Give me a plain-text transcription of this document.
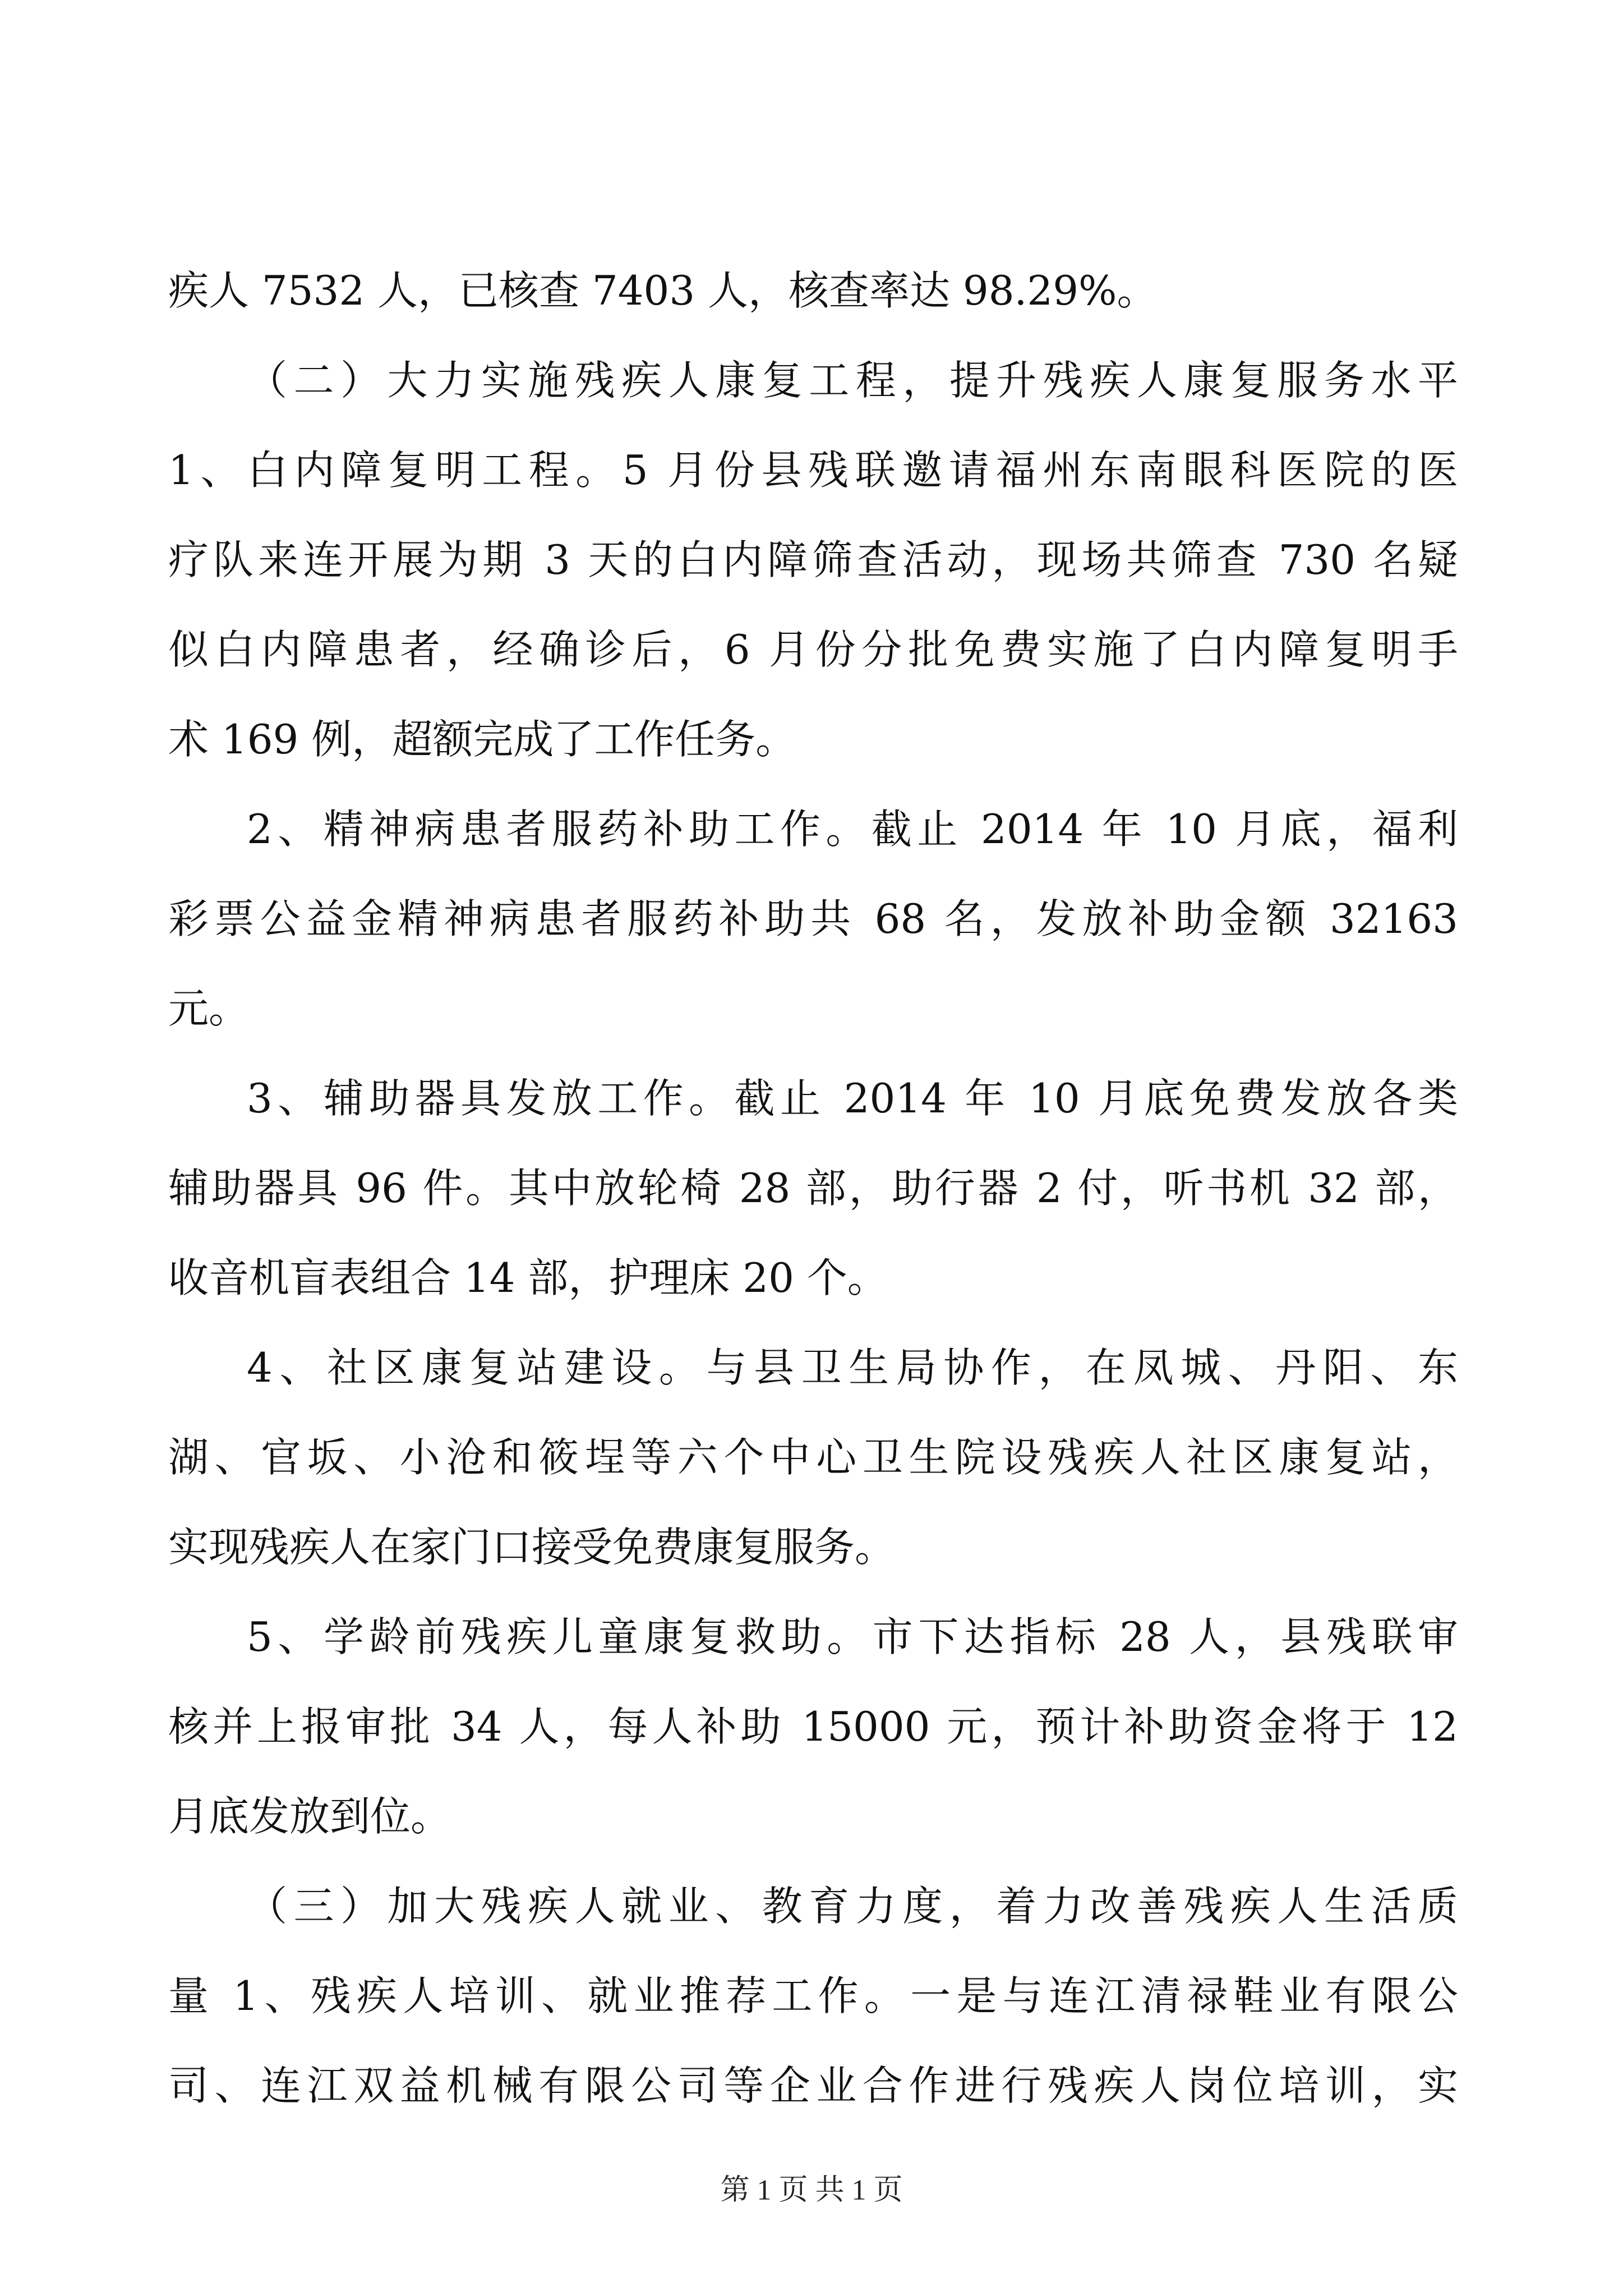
疾人 7532 人，已核查 7403 人，核查率达 98.29%。
（二）大力实施残疾人康复工程，提升残疾人康复服务水平
1、白内障复明工程。5 月份县残联邀请福州东南眼科医院的医
疗队来连开展为期 3 天的白内障筛查活动，现场共筛查 730 名疑
似白内障患者，经确诊后，6 月份分批免费实施了白内障复明手
术 169 例，超额完成了工作任务。
2、精神病患者服药补助工作。截止 2014 年 10 月底，福利
彩票公益金精神病患者服药补助共 68 名，发放补助金额 32163
元。
3、辅助器具发放工作。截止 2014 年 10 月底免费发放各类
辅助器具 96 件。其中放轮椅 28 部，助行器 2 付，听书机 32 部，
收音机盲表组合 14 部，护理床 20 个。
4、社区康复站建设。与县卫生局协作，在凤城、丹阳、东
湖、官坂、小沧和筱埕等六个中心卫生院设残疾人社区康复站，
实现残疾人在家门口接受免费康复服务。
5、学龄前残疾儿童康复救助。市下达指标 28 人，县残联审
核并上报审批 34 人，每人补助 15000 元，预计补助资金将于 12
月底发放到位。
（三）加大残疾人就业、教育力度，着力改善残疾人生活质
量 1、残疾人培训、就业推荐工作。一是与连江清禄鞋业有限公
司、连江双益机械有限公司等企业合作进行残疾人岗位培训，实
第 1 页 共 1 页
